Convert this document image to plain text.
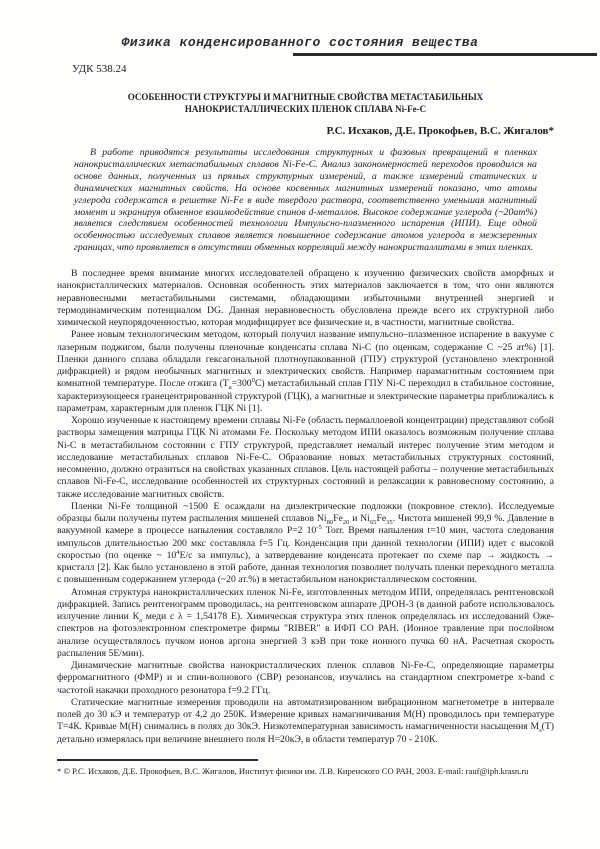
Физика конденсированного состояния вещества
УДК 538.24
ОСОБЕННОСТИ СТРУКТУРЫ И МАГНИТНЫЕ СВОЙСТВА МЕТАСТАБИЛЬНЫХ
НАНОКРИСТАЛЛИЧЕСКИХ ПЛЕНОК СПЛАВА Ni-Fe-C
Р.С. Исхаков, Д.Е. Прокофьев, В.С. Жигалов*
В работе приводятся результаты исследования структурных и фазовых превращений в пленках нанокристаллических метастабильных сплавов Ni-Fe-C. Анализ закономерностей переходов проводился на основе данных, полученных из прямых структурных измерений, а также измерений статических и динамических магнитных свойств. На основе косвенных магнитных измерений показано, что атомы углерода содержатся в решетке Ni-Fe в виде твердого раствора, соответственно уменьшая магнитный момент и экранируя обменное взаимодействие спинов d-металлов. Высокое содержание углерода (~20ат%) является следствием особенностей технологии Импульсно-плазменного испарения (ИПИ). Еще одной особенностью исследуемых сплавов является повышенное содержание атомов углерода в межзеренных границах, что проявляется в отсутствии обменных корреляций между нанокристаллитами в этих пленках.

В последнее время внимание многих исследователей обращено к изучению физических свойств аморфных и нанокристаллических материалов. Основная особенность этих материалов заключается в том, что они являются неравновесными метастабильными системами, обладающими избыточными внутренней энергией и термодинамическим потенциалом DG. Данная неравновесность обусловлена прежде всего их структурной либо химической неупорядоченностью, которая модифицирует все физические и, в частности, магнитные свойства.

Ранее новым технологическим методом, который получил название импульсно–плазменное испарение в вакууме с лазерным поджигом, были получены пленочные конденсаты сплава Ni-C (по оценкам, содержание С ~25 ат%) [1]. Пленки данного сплава обладали гексагональной плотноупакованной (ГПУ) структурой (установлено электронной дифракцией) и рядом необычных магнитных и электрических свойств. Например парамагнитным состоянием при комнатной температуре. После отжига $(Т_а=300^0С)$ метастабильный сплав ГПУ Ni-C переходил в стабильное состояние, характеризующееся гранецентрированной структурой (ГЦК), а магнитные и электрические параметры приближались к параметрам, характерным для пленок ГЦК Ni [1].

Хорошо изученные к настоящему времени сплавы Ni-Fe (область пермаллоевой концентрации) представляют собой растворы замещения матрицы ГЦК Ni атомами Fe. Поскольку методом ИПИ оказалось возможным получение сплава Ni-C в метастабильном состоянии с ГПУ структурой, представляет немалый интерес получение этим методом и исследование метастабильных сплавов Ni-Fe-C. Образование новых метастабильных структурных состояний, несомненно, должно отразиться на свойствах указанных сплавов. Цель настоящей работы – получение метастабильных сплавов Ni-Fe-C, исследование особенностей их структурных состояний и релаксации к равновесному состоянию, а также исследование магнитных свойств.

Пленки Ni-Fe толщиной ~1500 Е осаждали на диэлектрические подложки (покровное стекло). Исследуемые образцы были получены путем распыления мишеней сплавов $Ni_{80}Fe_{20}$ и $Ni_{65}Fe_{35}$. Чистота мишеней 99,9 %. Давление в вакуумной камере в процессе напыления составляло Р=2 $10^{-5}$ Torr. Время напыления t=10 мин, частота следования импульсов длительностью 200 мкс составляла f=5 Гц. Конденсация при данной технологии (ИПИ) идет с высокой скоростью (по оценке ~ $10^4Е/с$ за импульс), а затвердевание конденсата протекает по схеме пар → жидкость → кристалл [2]. Как было установлено в этой работе, данная технология позволяет получать пленки переходного металла с повышенным содержанием углерода (~20 ат.%) в метастабильном нанокристаллическом состоянии.

Атомная структура нанокристаллических пленок Ni-Fe, изготовленных методом ИПИ, определялась рентгеновской дифракцией. Запись рентгенограмм проводилась, на рентгеновском аппарате ДРОН-3 (в данной работе использовалось излучение линии $К_а$ меди с λ = 1,54178 Е). Химическая структура этих пленок определялась из исследований Оже-спектров на фотоэлектронном спектрометре фирмы "RIBER" в ИФП СО РАН. (Ионное травление при послойном анализе осуществлялось пучком ионов аргона энергией 3 кэВ при токе ионного пучка 60 нА. Расчетная скорость распыления 5Е/мин).

Динамические магнитные свойства нанокристаллических пленок сплавов Ni-Fe-C, определяющие параметры ферромагнитного (ФМР) и и спин-волнового (СВР) резонансов, изучались на стандартном спектрометре x-band с частотой накачки проходного резонатора f=9.2 ГГц.

Статические магнитные измерения проводили на автоматизированном вибрационном магнетометре в интервале полей до 30 кЭ и температур от 4,2 до 250К. Измерение кривых намагничивания М(Н) проводилось при температуре Т=4К. Кривые М(Н) снимались в полях до 30кЭ. Низкотемпературная зависимость намагниченности насыщения $М_s(Т)$ детально измерялась при величине внешнего поля Н=20кЭ, в области температур 70 - 210К.

* © Р.С. Исхаков, Д.Е. Прокофьев, В.С. Жигалов, Институт физики им. Л.В. Киренского СО РАН, 2003. E-mail: rauf@iph.krasn.ru
